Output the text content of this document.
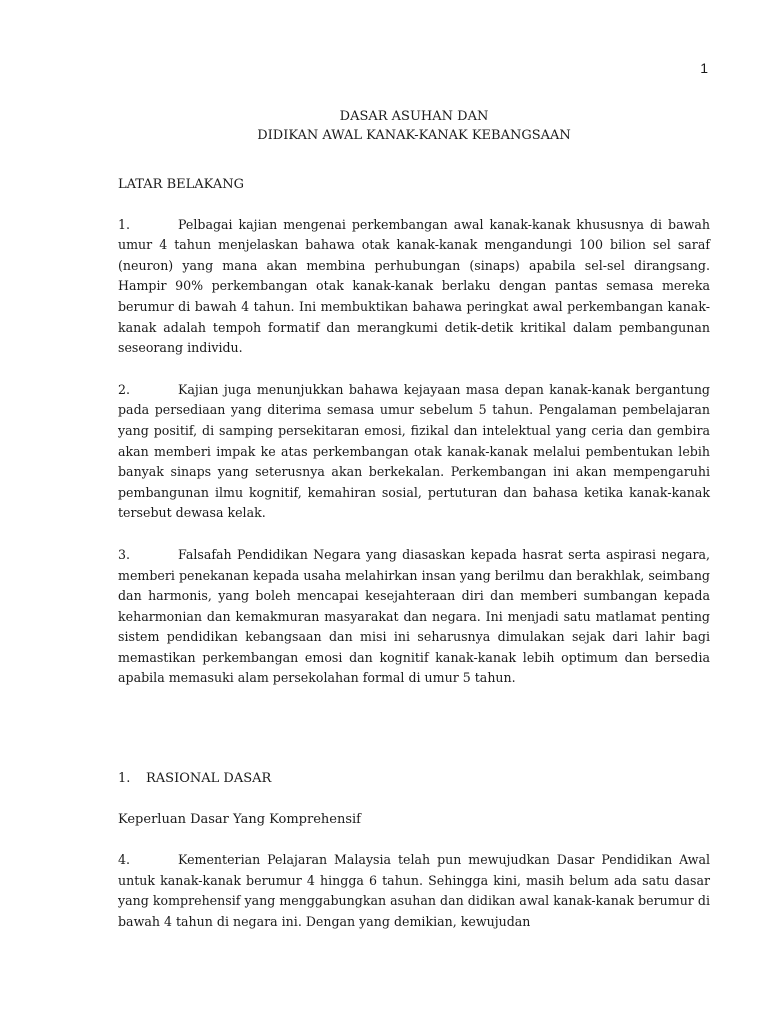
1

DASAR ASUHAN DAN

DIDIKAN AWAL KANAK-KANAK KEBANGSAAN

LATAR BELAKANG

1.	Pelbagai kajian mengenai perkembangan awal kanak-kanak khususnya di bawah umur 4 tahun menjelaskan bahawa otak kanak-kanak mengandungi 100 bilion sel saraf (neuron) yang mana akan membina perhubungan (sinaps) apabila sel-sel dirangsang. Hampir 90% perkembangan otak kanak-kanak berlaku dengan pantas semasa mereka berumur di bawah 4 tahun. Ini membuktikan bahawa peringkat awal perkembangan kanak-kanak adalah tempoh formatif dan merangkumi detik-detik kritikal dalam pembangunan seseorang individu.

2.	Kajian juga menunjukkan bahawa kejayaan masa depan kanak-kanak bergantung pada persediaan yang diterima semasa umur sebelum 5 tahun. Pengalaman pembelajaran yang positif, di samping persekitaran emosi, fizikal dan intelektual yang ceria dan gembira akan memberi impak ke atas perkembangan otak kanak-kanak melalui pembentukan lebih banyak sinaps yang seterusnya akan berkekalan. Perkembangan ini akan mempengaruhi pembangunan ilmu kognitif, kemahiran sosial, pertuturan dan bahasa ketika kanak-kanak tersebut dewasa kelak.

3.	Falsafah Pendidikan Negara yang diasaskan kepada hasrat serta aspirasi negara, memberi penekanan kepada usaha melahirkan insan yang berilmu dan berakhlak, seimbang dan harmonis, yang boleh mencapai kesejahteraan diri dan memberi sumbangan kepada keharmonian dan kemakmuran masyarakat dan negara. Ini menjadi satu matlamat penting sistem pendidikan kebangsaan dan misi ini seharusnya dimulakan sejak dari lahir bagi memastikan perkembangan emosi dan kognitif kanak-kanak lebih optimum dan bersedia apabila memasuki alam persekolahan formal di umur 5 tahun.

1. RASIONAL DASAR

Keperluan Dasar Yang Komprehensif

4.	Kementerian Pelajaran Malaysia telah pun mewujudkan Dasar Pendidikan Awal untuk kanak-kanak berumur 4 hingga 6 tahun. Sehingga kini, masih belum ada satu dasar yang komprehensif yang menggabungkan asuhan dan didikan awal kanak-kanak berumur di bawah 4 tahun di negara ini. Dengan yang demikian, kewujudan
